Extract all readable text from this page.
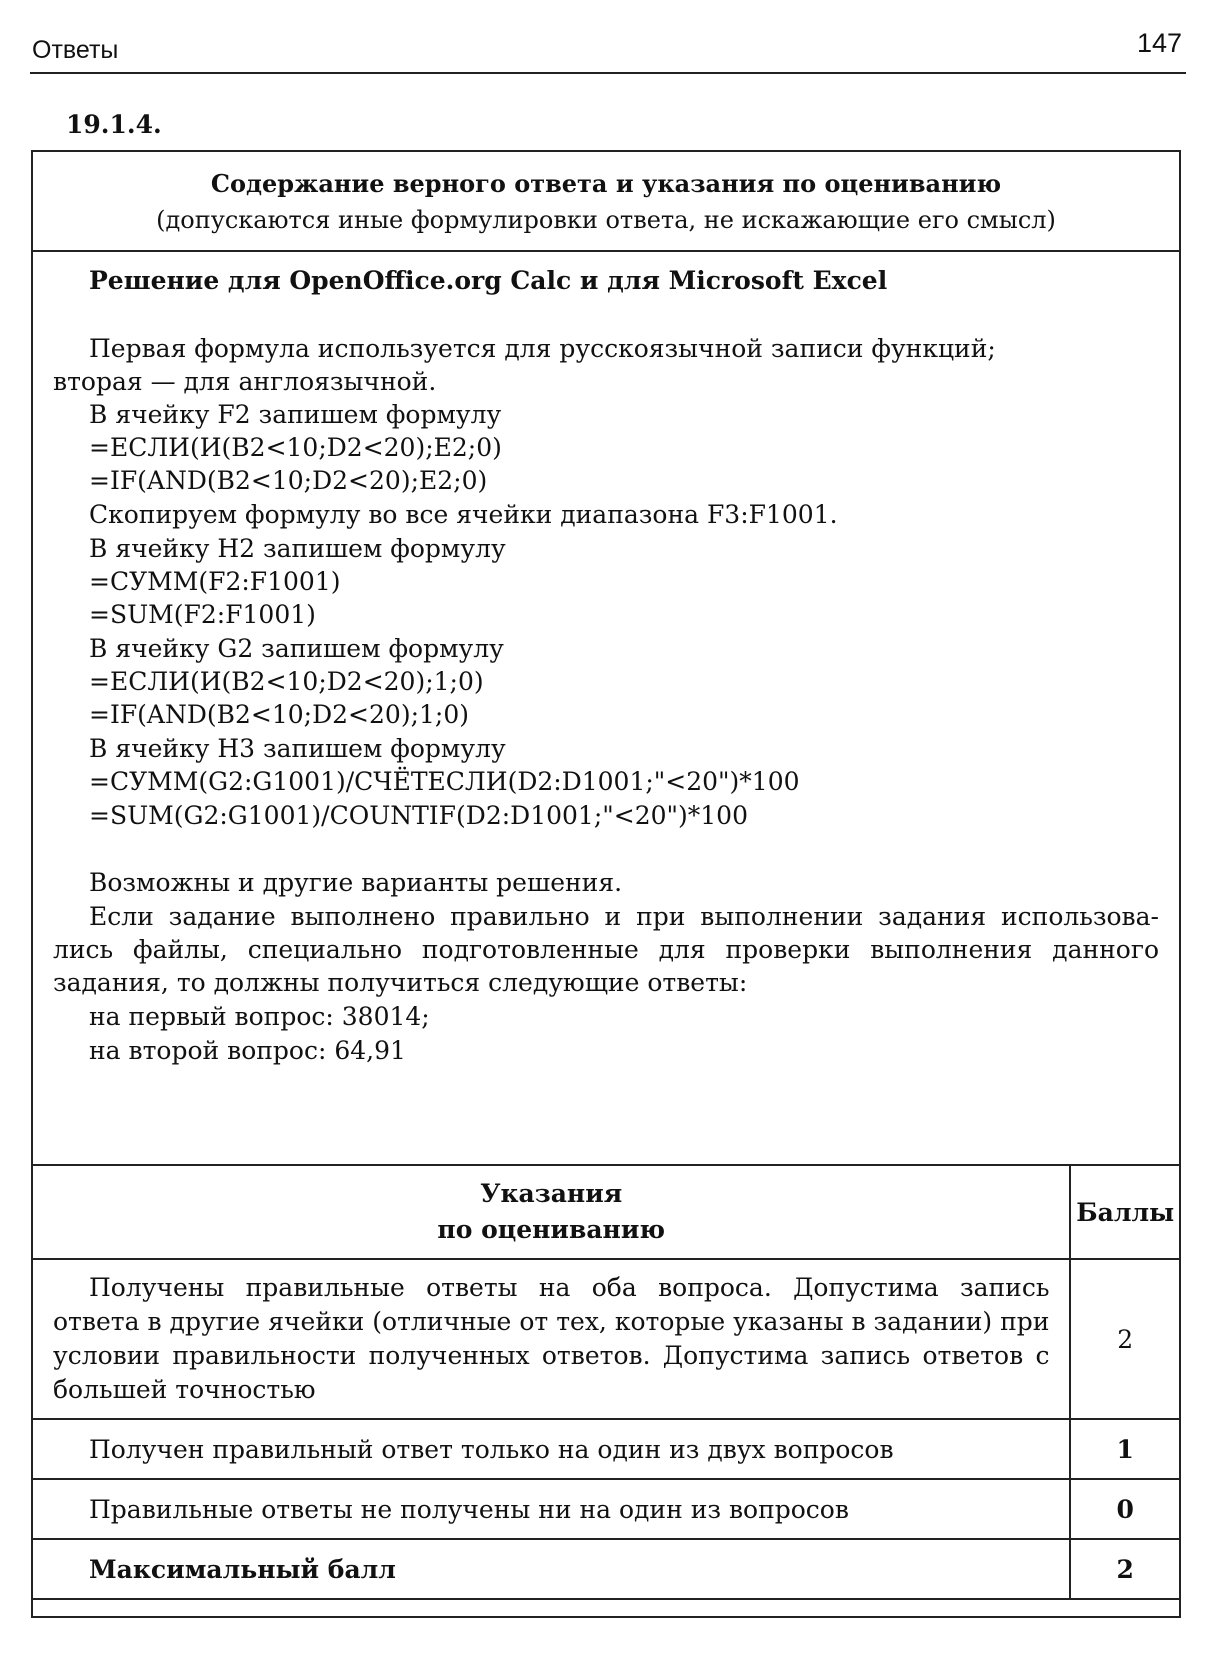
Ответы	147
19.1.4.
Содержание верного ответа и указания по оцениванию
(допускаются иные формулировки ответа, не искажающие его смысл)
Решение для OpenOffice.org Calc и для Microsoft Excel
Первая формула используется для русскоязычной записи функций;
вторая — для англоязычной.
В ячейку F2 запишем формулу
=ЕСЛИ(И(B2<10;D2<20);E2;0)
=IF(AND(B2<10;D2<20);E2;0)
Скопируем формулу во все ячейки диапазона F3:F1001.
В ячейку H2 запишем формулу
=СУММ(F2:F1001)
=SUM(F2:F1001)
В ячейку G2 запишем формулу
=ЕСЛИ(И(B2<10;D2<20);1;0)
=IF(AND(B2<10;D2<20);1;0)
В ячейку H3 запишем формулу
=СУММ(G2:G1001)/СЧЁТЕСЛИ(D2:D1001;"<20")*100
=SUM(G2:G1001)/COUNTIF(D2:D1001;"<20")*100
Возможны и другие варианты решения.
Если задание выполнено правильно и при выполнении задания использова-
лись файлы, специально подготовленные для проверки выполнения данного
задания, то должны получиться следующие ответы:
на первый вопрос: 38014;
на второй вопрос: 64,91
Указания
по оцениванию	Баллы

Получены правильные ответы на оба вопроса. Допустима запись ответа в другие ячейки (отличные от тех, которые указаны в задании) при условии правильности полученных ответов. Допустима запись ответов с большей точностью	2
Получен правильный ответ только на один из двух вопросов	1
Правильные ответы не получены ни на один из вопросов	0
Максимальный балл	2
